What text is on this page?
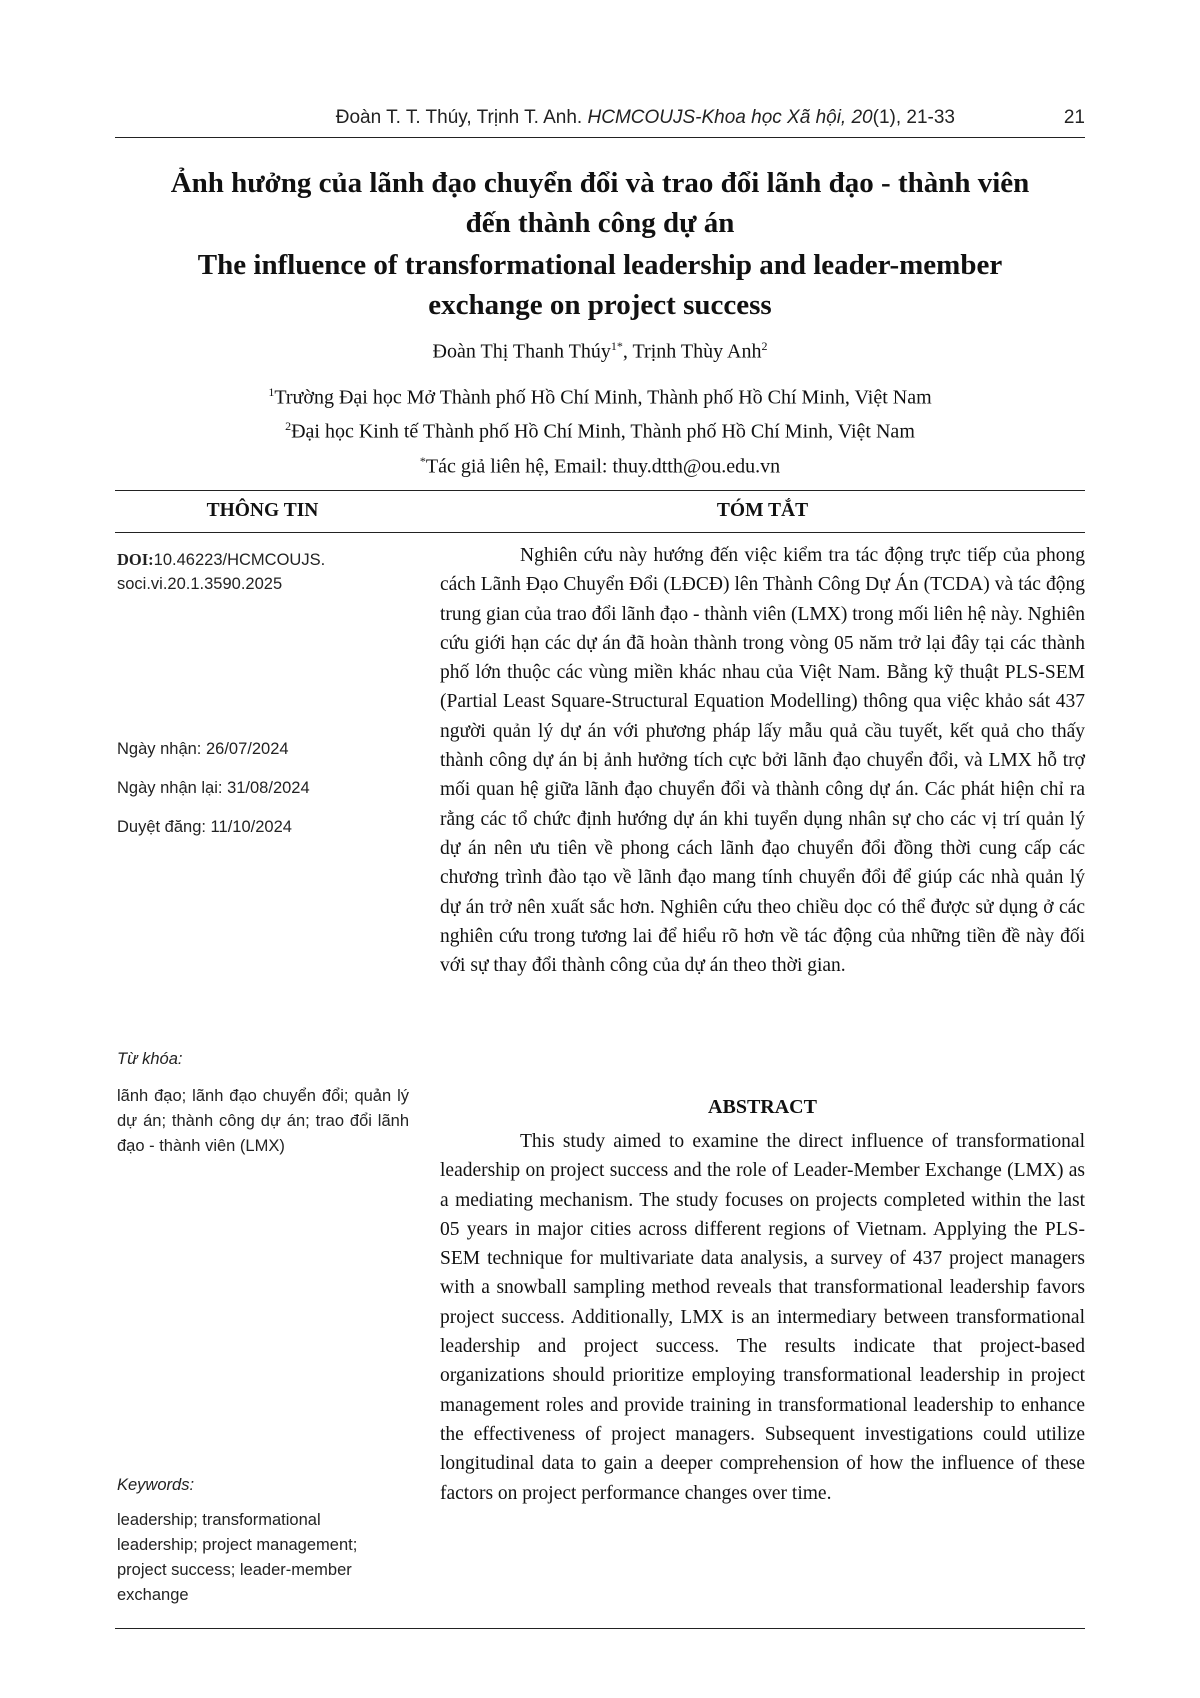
Đoàn T. T. Thúy, Trịnh T. Anh. HCMCOUJS-Khoa học Xã hội, 20(1), 21-33	21
Ảnh hưởng của lãnh đạo chuyển đổi và trao đổi lãnh đạo - thành viên
đến thành công dự án
The influence of transformational leadership and leader-member
exchange on project success
Đoàn Thị Thanh Thúy$^{1*}$, Trịnh Thùy Anh$^2$
$^1$Trường Đại học Mở Thành phố Hồ Chí Minh, Thành phố Hồ Chí Minh, Việt Nam
$^2$Đại học Kinh tế Thành phố Hồ Chí Minh, Thành phố Hồ Chí Minh, Việt Nam
*Tác giả liên hệ, Email: thuy.dtth@ou.edu.vn
THÔNG TIN	TÓM TẮT
DOI:10.46223/HCMCOUJS.
soci.vi.20.1.3590.2025
Ngày nhận: 26/07/2024
Ngày nhận lại: 31/08/2024
Duyệt đăng: 11/10/2024
Từ khóa:
lãnh đạo; lãnh đạo chuyển đổi; quản lý dự án; thành công dự án; trao đổi lãnh đạo - thành viên (LMX)
Keywords:
leadership; transformational leadership; project management; project success; leader-member exchange

Nghiên cứu này hướng đến việc kiểm tra tác động trực tiếp của phong cách Lãnh Đạo Chuyển Đổi (LĐCĐ) lên Thành Công Dự Án (TCDA) và tác động trung gian của trao đổi lãnh đạo - thành viên (LMX) trong mối liên hệ này. Nghiên cứu giới hạn các dự án đã hoàn thành trong vòng 05 năm trở lại đây tại các thành phố lớn thuộc các vùng miền khác nhau của Việt Nam. Bằng kỹ thuật PLS-SEM (Partial Least Square-Structural Equation Modelling) thông qua việc khảo sát 437 người quản lý dự án với phương pháp lấy mẫu quả cầu tuyết, kết quả cho thấy thành công dự án bị ảnh hưởng tích cực bởi lãnh đạo chuyển đổi, và LMX hỗ trợ mối quan hệ giữa lãnh đạo chuyển đổi và thành công dự án. Các phát hiện chỉ ra rằng các tổ chức định hướng dự án khi tuyển dụng nhân sự cho các vị trí quản lý dự án nên ưu tiên về phong cách lãnh đạo chuyển đổi đồng thời cung cấp các chương trình đào tạo về lãnh đạo mang tính chuyển đổi để giúp các nhà quản lý dự án trở nên xuất sắc hơn. Nghiên cứu theo chiều dọc có thể được sử dụng ở các nghiên cứu trong tương lai để hiểu rõ hơn về tác động của những tiền đề này đối với sự thay đổi thành công của dự án theo thời gian.

ABSTRACT

This study aimed to examine the direct influence of transformational leadership on project success and the role of Leader-Member Exchange (LMX) as a mediating mechanism. The study focuses on projects completed within the last 05 years in major cities across different regions of Vietnam. Applying the PLS-SEM technique for multivariate data analysis, a survey of 437 project managers with a snowball sampling method reveals that transformational leadership favors project success. Additionally, LMX is an intermediary between transformational leadership and project success. The results indicate that project-based organizations should prioritize employing transformational leadership in project management roles and provide training in transformational leadership to enhance the effectiveness of project managers. Subsequent investigations could utilize longitudinal data to gain a deeper comprehension of how the influence of these factors on project performance changes over time.
